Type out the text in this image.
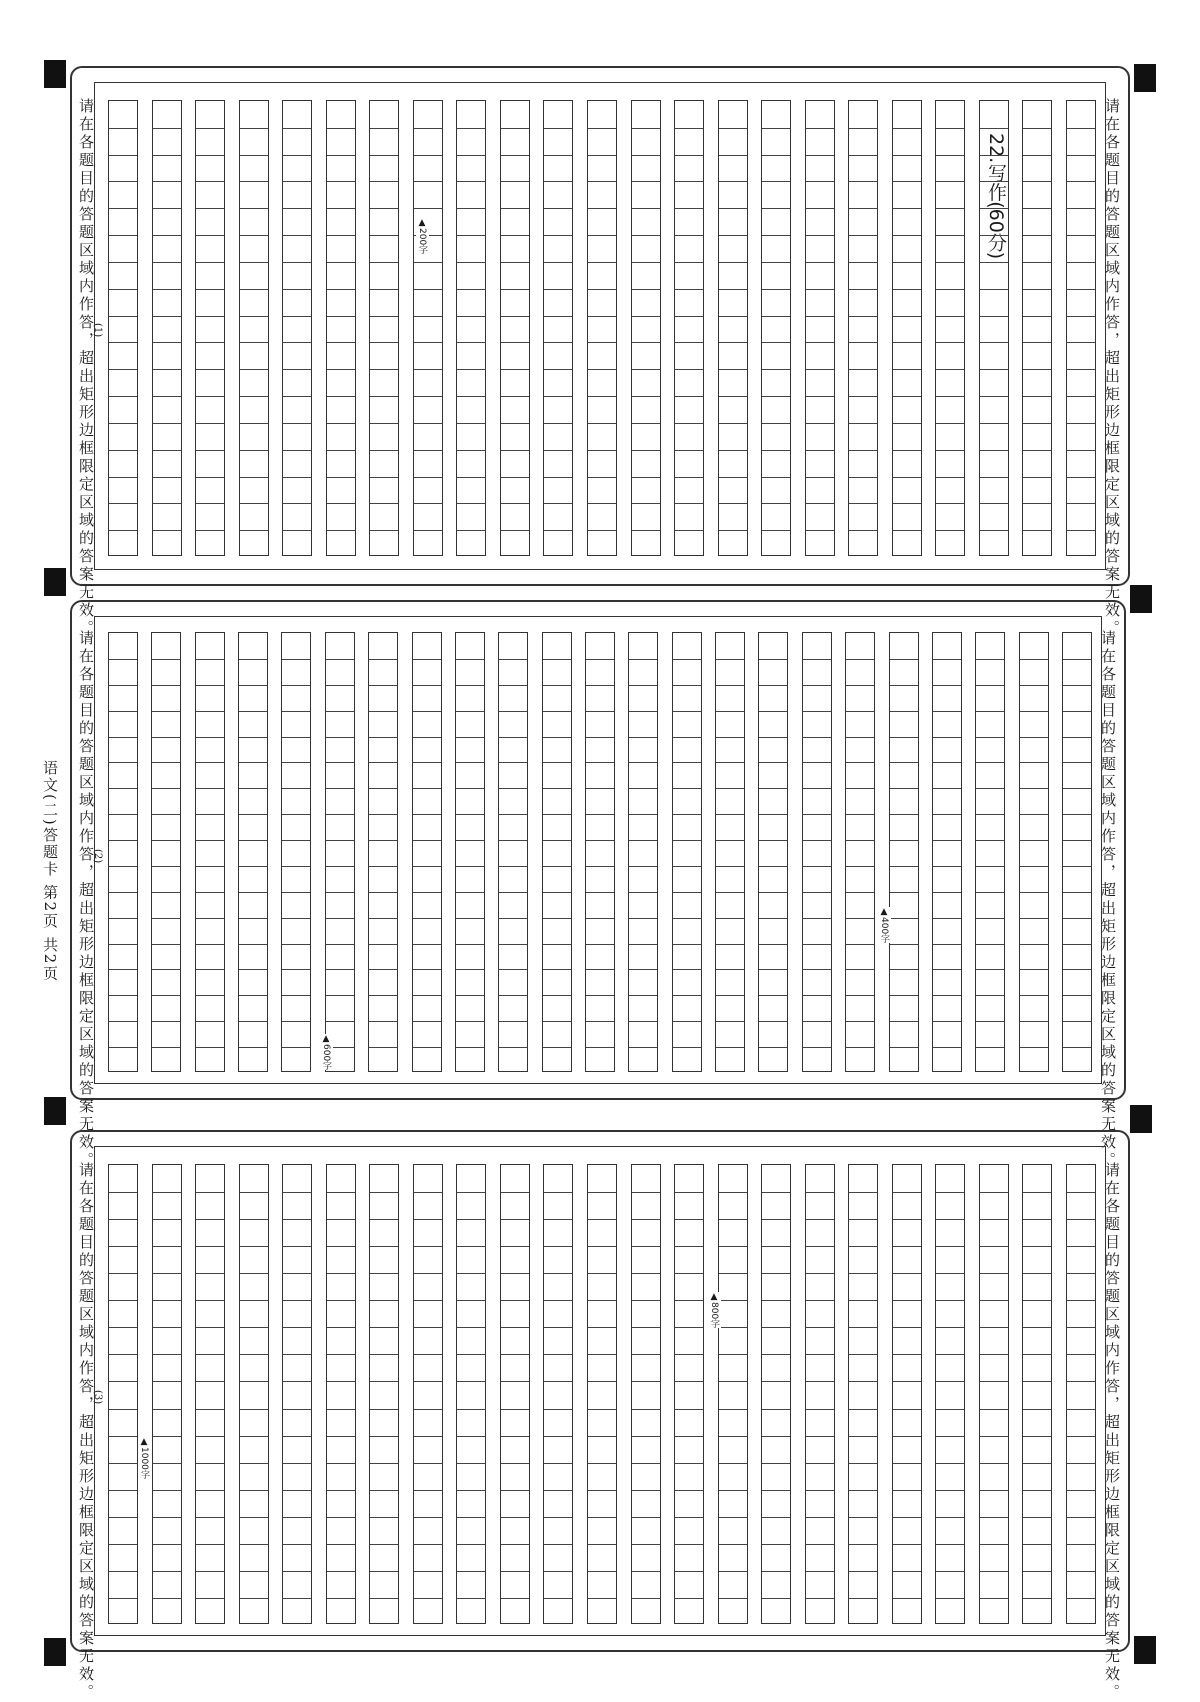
请在各题目的答题区域内作答，超出矩形边框限定区域的答案无效。
请在各题目的答题区域内作答，超出矩形边框限定区域的答案无效。	22.写作(60分)
(1)
▲200字
请在各题目的答题区域内作答，超出矩形边框限定区域的答案无效。
请在各题目的答题区域内作答，超出矩形边框限定区域的答案无效。
(2)
▲400字
▲600字
请在各题目的答题区域内作答，超出矩形边框限定区域的答案无效。
请在各题目的答题区域内作答，超出矩形边框限定区域的答案无效。
(3)
▲800字
▲1000字
语文(二)答题卡 第2页 共2页
